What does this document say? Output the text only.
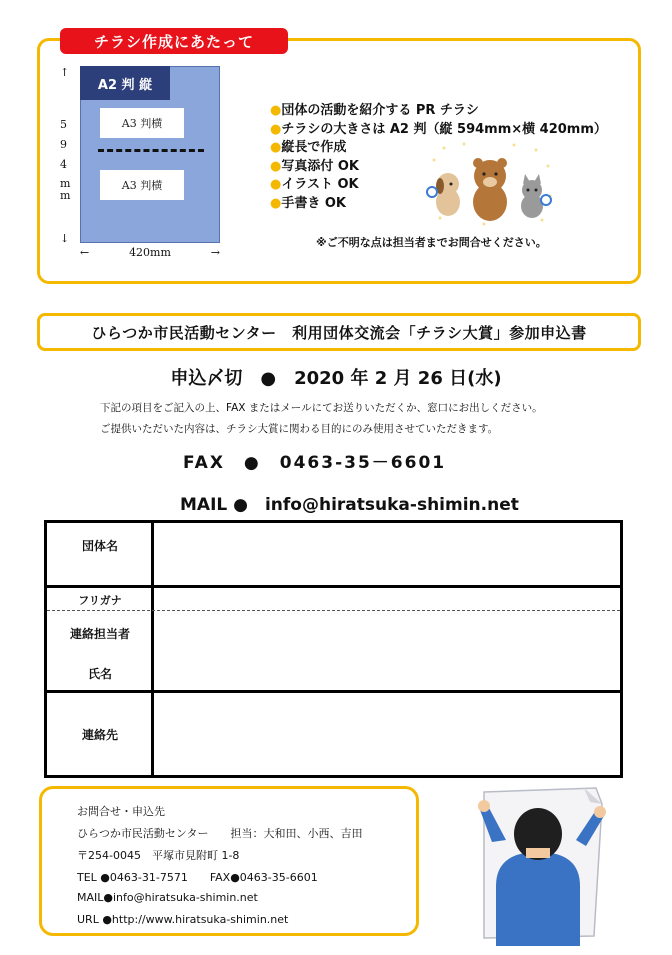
チラシ作成にあたって
A2 判 縦
A3 判横
A3 判横
↑
5
9
4
m
m
↓
←	420mm	→
●団体の活動を紹介する PR チラシ
●チラシの大きさは A2 判（縦 594mm×横 420mm）
●縦長で作成
●写真添付 OK
●イラスト OK
●手書き OK
※ご不明な点は担当者までお問合せください。
ひらつか市民活動センター　利用団体交流会「チラシ大賞」参加申込書
申込〆切　●　2020 年 2 月 26 日(水)
下記の項目をご記入の上、FAX またはメールにてお送りいただくか、窓口にお出しください。
ご提供いただいた内容は、チラシ大賞に関わる目的にのみ使用させていただきます。
FAX　●　0463-35－6601
MAIL ●　info@hiratsuka-shimin.net
団体名
フリガナ
連絡担当者
氏名
連絡先
お問合せ・申込先
ひらつか市民活動センター　　担当：大和田、小西、吉田
〒254-0045　平塚市見附町 1-8
TEL ●0463-31-7571　　FAX●0463-35-6601
MAIL●info@hiratsuka-shimin.net
URL ●http://www.hiratsuka-shimin.net
